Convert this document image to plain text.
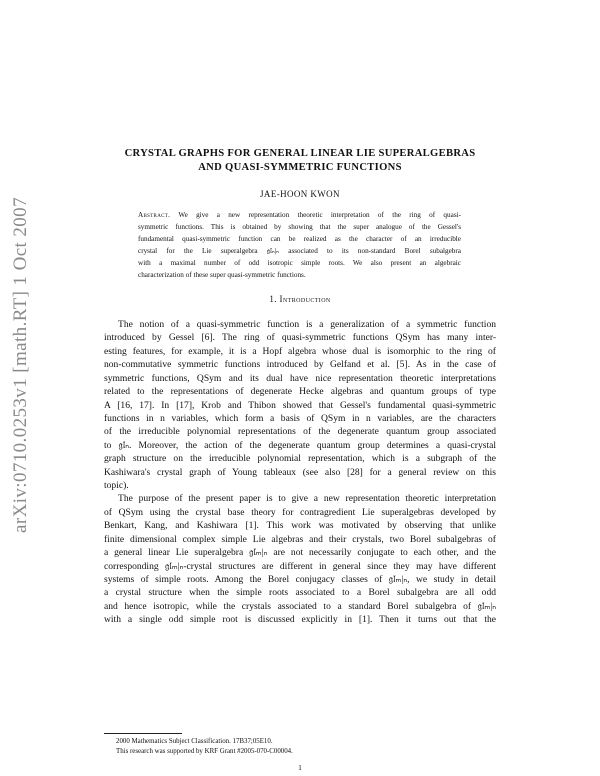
arXiv:0710.0253v1 [math.RT] 1 Oct 2007
CRYSTAL GRAPHS FOR GENERAL LINEAR LIE SUPERALGEBRAS
AND QUASI-SYMMETRIC FUNCTIONS
JAE-HOON KWON
Abstract. We give a new representation theoretic interpretation of the ring of quasi-
symmetric functions. This is obtained by showing that the super analogue of the Gessel's
fundamental quasi-symmetric function can be realized as the character of an irreducible
crystal for the Lie superalgebra 𝔤𝔩ₙ|ₙ associated to its non-standard Borel subalgebra
with a maximal number of odd isotropic simple roots. We also present an algebraic
characterization of these super quasi-symmetric functions.
1. Introduction
The notion of a quasi-symmetric function is a generalization of a symmetric function
introduced by Gessel [6]. The ring of quasi-symmetric functions QSym has many inter-
esting features, for example, it is a Hopf algebra whose dual is isomorphic to the ring of
non-commutative symmetric functions introduced by Gelfand et al. [5]. As in the case of
symmetric functions, QSym and its dual have nice representation theoretic interpretations
related to the representations of degenerate Hecke algebras and quantum groups of type
A [16, 17]. In [17], Krob and Thibon showed that Gessel's fundamental quasi-symmetric
functions in n variables, which form a basis of QSym in n variables, are the characters
of the irreducible polynomial representations of the degenerate quantum group associated
to 𝔤𝔩ₙ. Moreover, the action of the degenerate quantum group determines a quasi-crystal
graph structure on the irreducible polynomial representation, which is a subgraph of the
Kashiwara's crystal graph of Young tableaux (see also [28] for a general review on this
topic).
The purpose of the present paper is to give a new representation theoretic interpretation
of QSym using the crystal base theory for contragredient Lie superalgebras developed by
Benkart, Kang, and Kashiwara [1]. This work was motivated by observing that unlike
finite dimensional complex simple Lie algebras and their crystals, two Borel subalgebras of
a general linear Lie superalgebra 𝔤𝔩ₘ|ₙ are not necessarily conjugate to each other, and the
corresponding 𝔤𝔩ₘ|ₙ-crystal structures are different in general since they may have different
systems of simple roots. Among the Borel conjugacy classes of 𝔤𝔩ₘ|ₙ, we study in detail
a crystal structure when the simple roots associated to a Borel subalgebra are all odd
and hence isotropic, while the crystals associated to a standard Borel subalgebra of 𝔤𝔩ₘ|ₙ
with a single odd simple root is discussed explicitly in [1]. Then it turns out that the
2000 Mathematics Subject Classification. 17B37;05E10.
This research was supported by KRF Grant #2005-070-C00004.
1
